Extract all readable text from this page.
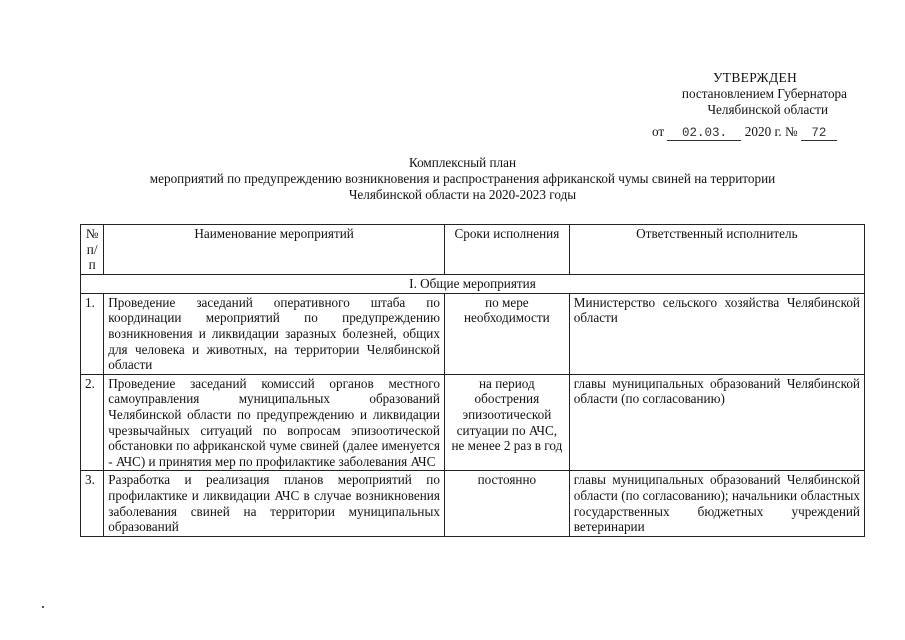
УТВЕРЖДЕН
постановлением Губернатора
Челябинской области
от 02.03. 2020 г. № 72
Комплексный план
мероприятий по предупреждению возникновения и распространения африканской чумы свиней на территории
Челябинской области на 2020-2023 годы
№ п/п	Наименование мероприятий	Сроки исполнения	Ответственный исполнитель
I. Общие мероприятия			
1.	Проведение заседаний оперативного штаба по координации мероприятий по предупреждению возникновения и ликвидации заразных болезней, общих для человека и животных, на территории Челябинской области	по мере необходимости	Министерство сельского хозяйства Челябинской области
2.	Проведение заседаний комиссий органов местного самоуправления муниципальных образований Челябинской области по предупреждению и ликвидации чрезвычайных ситуаций по вопросам эпизоотической обстановки по африканской чуме свиней (далее именуется - АЧС) и принятия мер по профилактике заболевания АЧС	на период обострения эпизоотической ситуации по АЧС, не менее 2 раз в год	главы муниципальных образований Челябинской области (по согласованию)
3.	Разработка и реализация планов мероприятий по профилактике и ликвидации АЧС в случае возникновения заболевания свиней на территории муниципальных образований	постоянно	главы муниципальных образований Челябинской области (по согласованию); начальники областных государственных бюджетных учреждений ветеринарии
